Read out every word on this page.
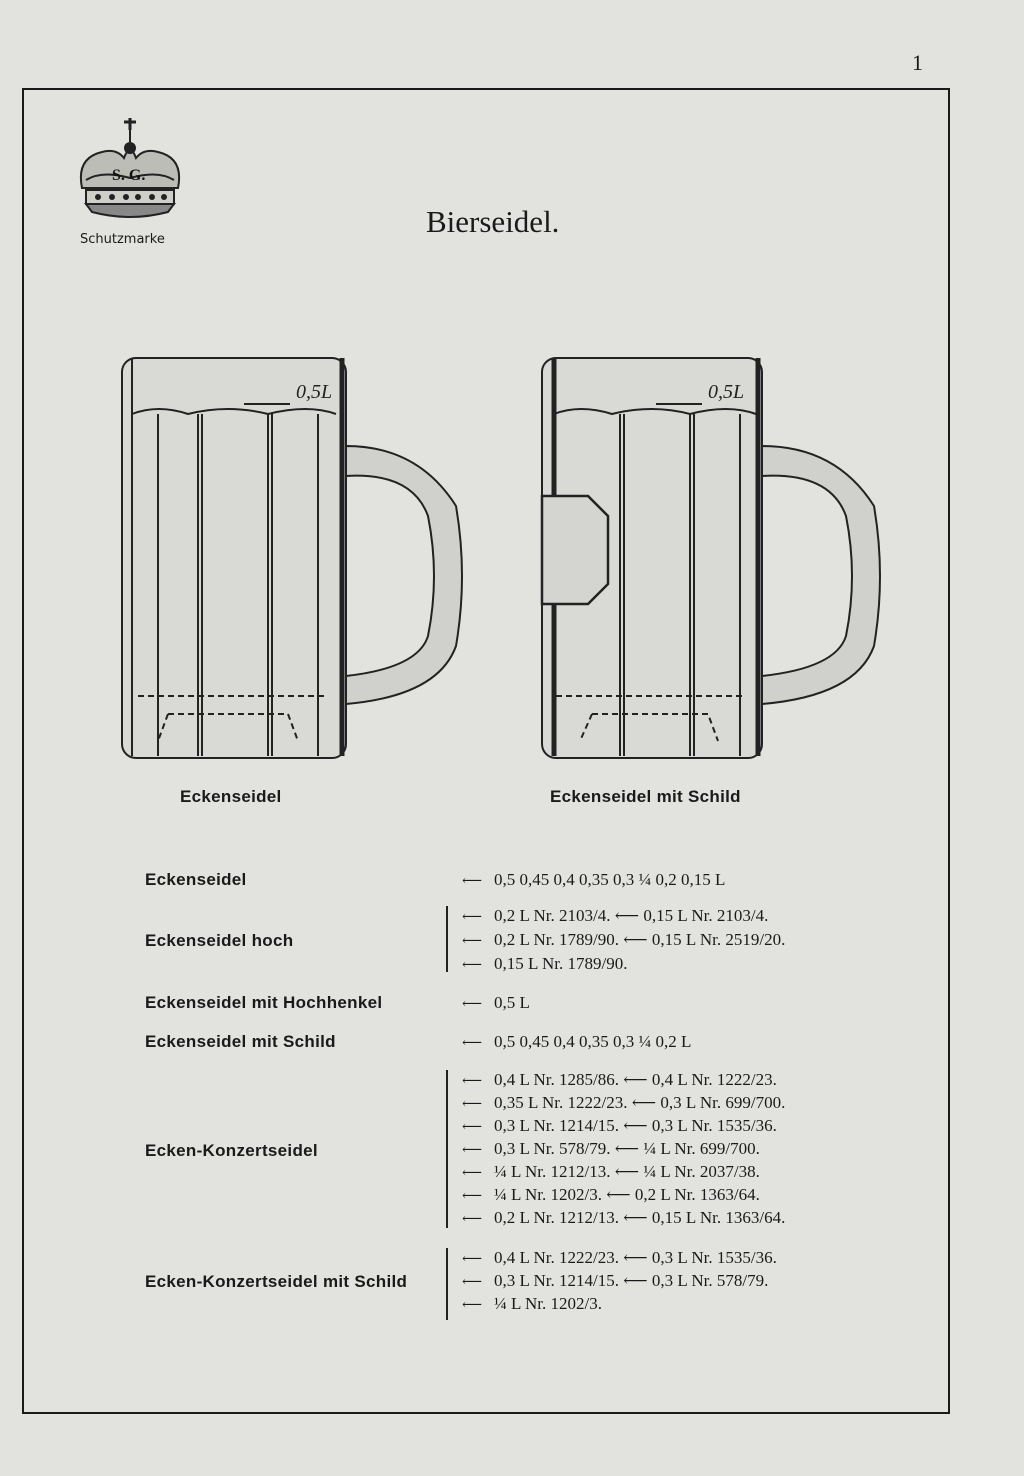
1
S. G.
Schutzmarke
Bierseidel.
0,5L	0,5L
Eckenseidel	Eckenseidel mit Schild
Eckenseidel	⟵ 0,5 0,45 0,4 0,35 0,3 ¼ 0,2 0,15 L
Eckenseidel hoch
⟵ 0,2 L Nr. 2103/4. ⟵ 0,15 L Nr. 2103/4.
⟵ 0,2 L Nr. 1789/90. ⟵ 0,15 L Nr. 2519/20.
⟵ 0,15 L Nr. 1789/90.
Eckenseidel mit Hochhenkel	⟵ 0,5 L
Eckenseidel mit Schild	⟵ 0,5 0,45 0,4 0,35 0,3 ¼ 0,2 L
Ecken-Konzertseidel
⟵ 0,4 L Nr. 1285/86. ⟵ 0,4 L Nr. 1222/23.
⟵ 0,35 L Nr. 1222/23. ⟵ 0,3 L Nr. 699/700.
⟵ 0,3 L Nr. 1214/15. ⟵ 0,3 L Nr. 1535/36.
⟵ 0,3 L Nr. 578/79. ⟵ ¼ L Nr. 699/700.
⟵ ¼ L Nr. 1212/13. ⟵ ¼ L Nr. 2037/38.
⟵ ¼ L Nr. 1202/3. ⟵ 0,2 L Nr. 1363/64.
⟵ 0,2 L Nr. 1212/13. ⟵ 0,15 L Nr. 1363/64.
Ecken-Konzertseidel mit Schild
⟵ 0,4 L Nr. 1222/23. ⟵ 0,3 L Nr. 1535/36.
⟵ 0,3 L Nr. 1214/15. ⟵ 0,3 L Nr. 578/79.
⟵ ¼ L Nr. 1202/3.
